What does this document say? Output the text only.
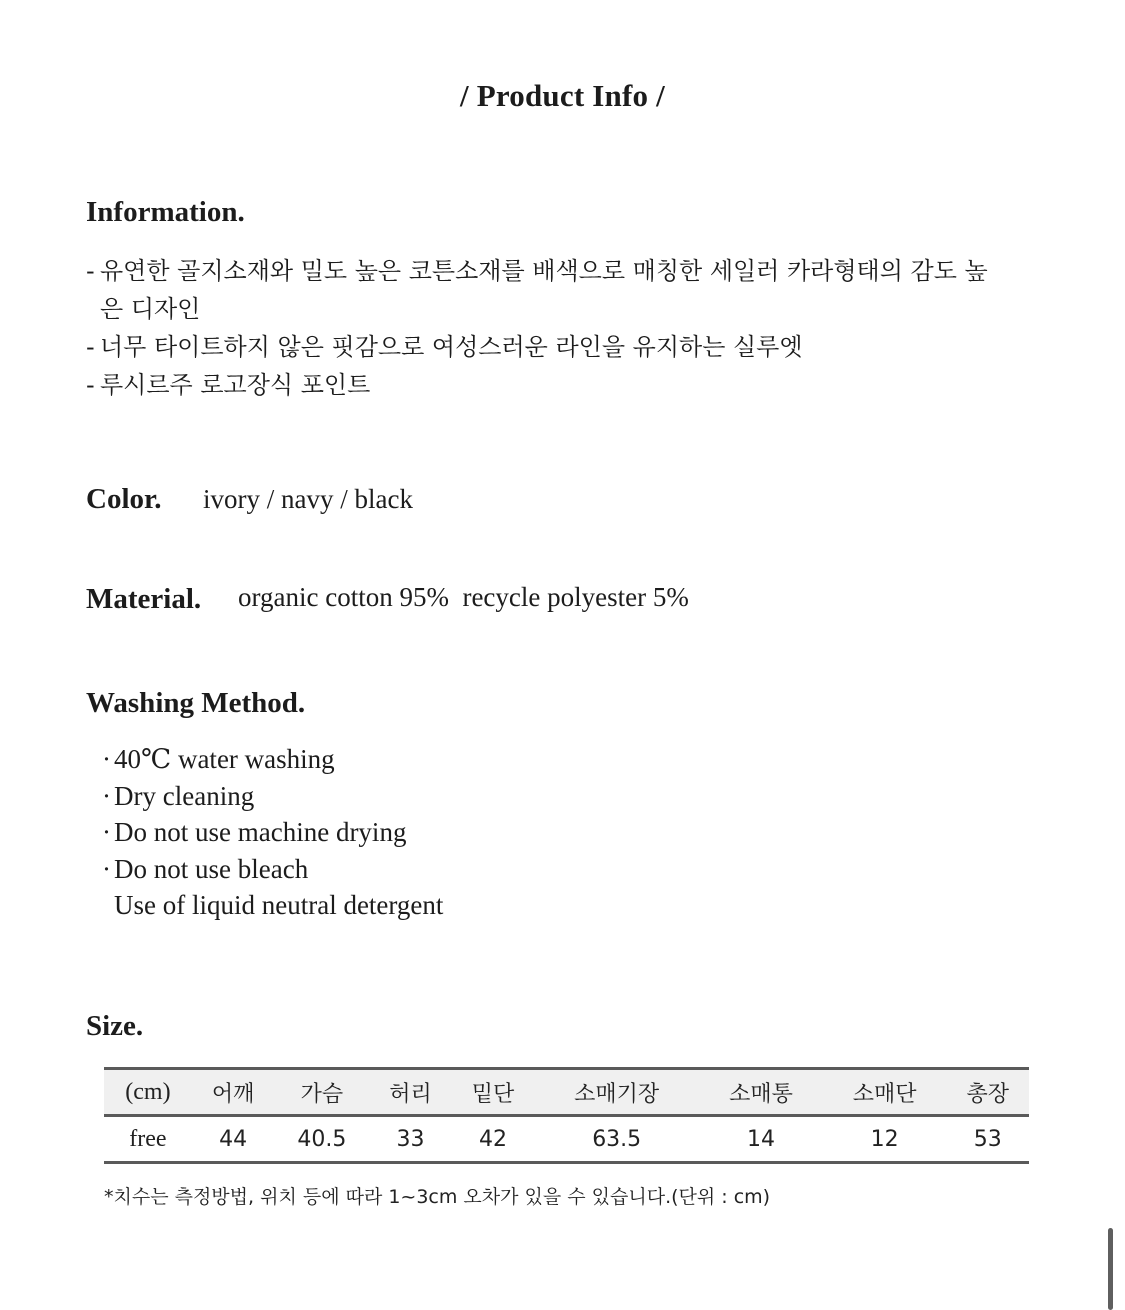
/ Product Info /
Information.
- 유연한 골지소재와 밀도 높은 코튼소재를 배색으로 매칭한 세일러 카라형태의 감도 높은 디자인
- 너무 타이트하지 않은 핏감으로 여성스러운 라인을 유지하는 실루엣
- 루시르주 로고장식 포인트
Color. ivory / navy / black
Material. organic cotton 95%  recycle polyester 5%
Washing Method.
· 40℃ water washing
· Dry cleaning
· Do not use machine drying
· Do not use bleach
Use of liquid neutral detergent
Size.
(cm)	어깨	가슴	허리	밑단	소매기장	소매통	소매단	총장
free	44	40.5	33	42	63.5	14	12	53
*치수는 측정방법, 위치 등에 따라 1~3cm 오차가 있을 수 있습니다.(단위 : cm)
